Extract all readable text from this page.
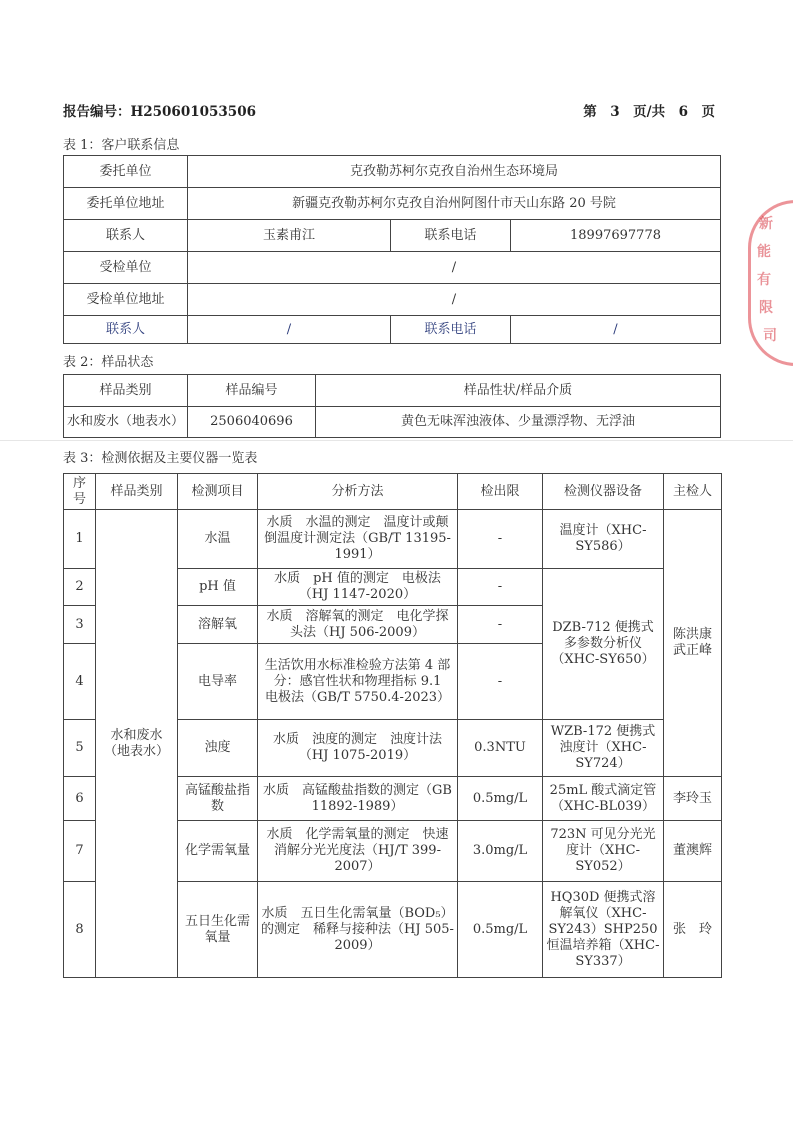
报告编号：H250601053506	第　3　页/共　6　页
表 1：客户联系信息
委托单位	克孜勒苏柯尔克孜自治州生态环境局		
委托单位地址	新疆克孜勒苏柯尔克孜自治州阿图什市天山东路 20 号院		
联系人	玉素甫江	联系电话	18997697778
受检单位	/		
受检单位地址	/		
联系人	/	联系电话	/
表 2：样品状态
样品类别	样品编号	样品性状/样品介质
水和废水（地表水）	2506040696	黄色无味浑浊液体、少量漂浮物、无浮油
表 3：检测依据及主要仪器一览表
序号	样品类别	检测项目	分析方法	检出限	检测仪器设备	主检人
1	水和废水（地表水）	水温	水质　水温的测定　温度计或颠倒温度计测定法（GB/T 13195-1991）	-	温度计（XHC-SY586）	陈洪康武正峰
2		pH 值	水质　pH 值的测定　电极法（HJ 1147-2020）	-	DZB-712 便携式多参数分析仪（XHC-SY650）	
3		溶解氧	水质　溶解氧的测定　电化学探头法（HJ 506-2009）	-		
4		电导率	生活饮用水标准检验方法第 4 部分：感官性状和物理指标 9.1　电极法（GB/T 5750.4-2023）	-		
5		浊度	水质　浊度的测定　浊度计法（HJ 1075-2019）	0.3NTU	WZB-172 便携式浊度计（XHC-SY724）	
6		高锰酸盐指数	水质　高锰酸盐指数的测定（GB 11892-1989）	0.5mg/L	25mL 酸式滴定管（XHC-BL039）	李玲玉
7		化学需氧量	水质　化学需氧量的测定　快速消解分光光度法（HJ/T 399-2007）	3.0mg/L	723N 可见分光光度计（XHC-SY052）	董澳辉
8		五日生化需氧量	水质　五日生化需氧量（BOD₅）的测定　稀释与接种法（HJ 505-2009）	0.5mg/L	HQ30D 便携式溶解氧仪（XHC-SY243）SHP250 恒温培养箱（XHC-SY337）	张　玲
新
能
有
限
司
